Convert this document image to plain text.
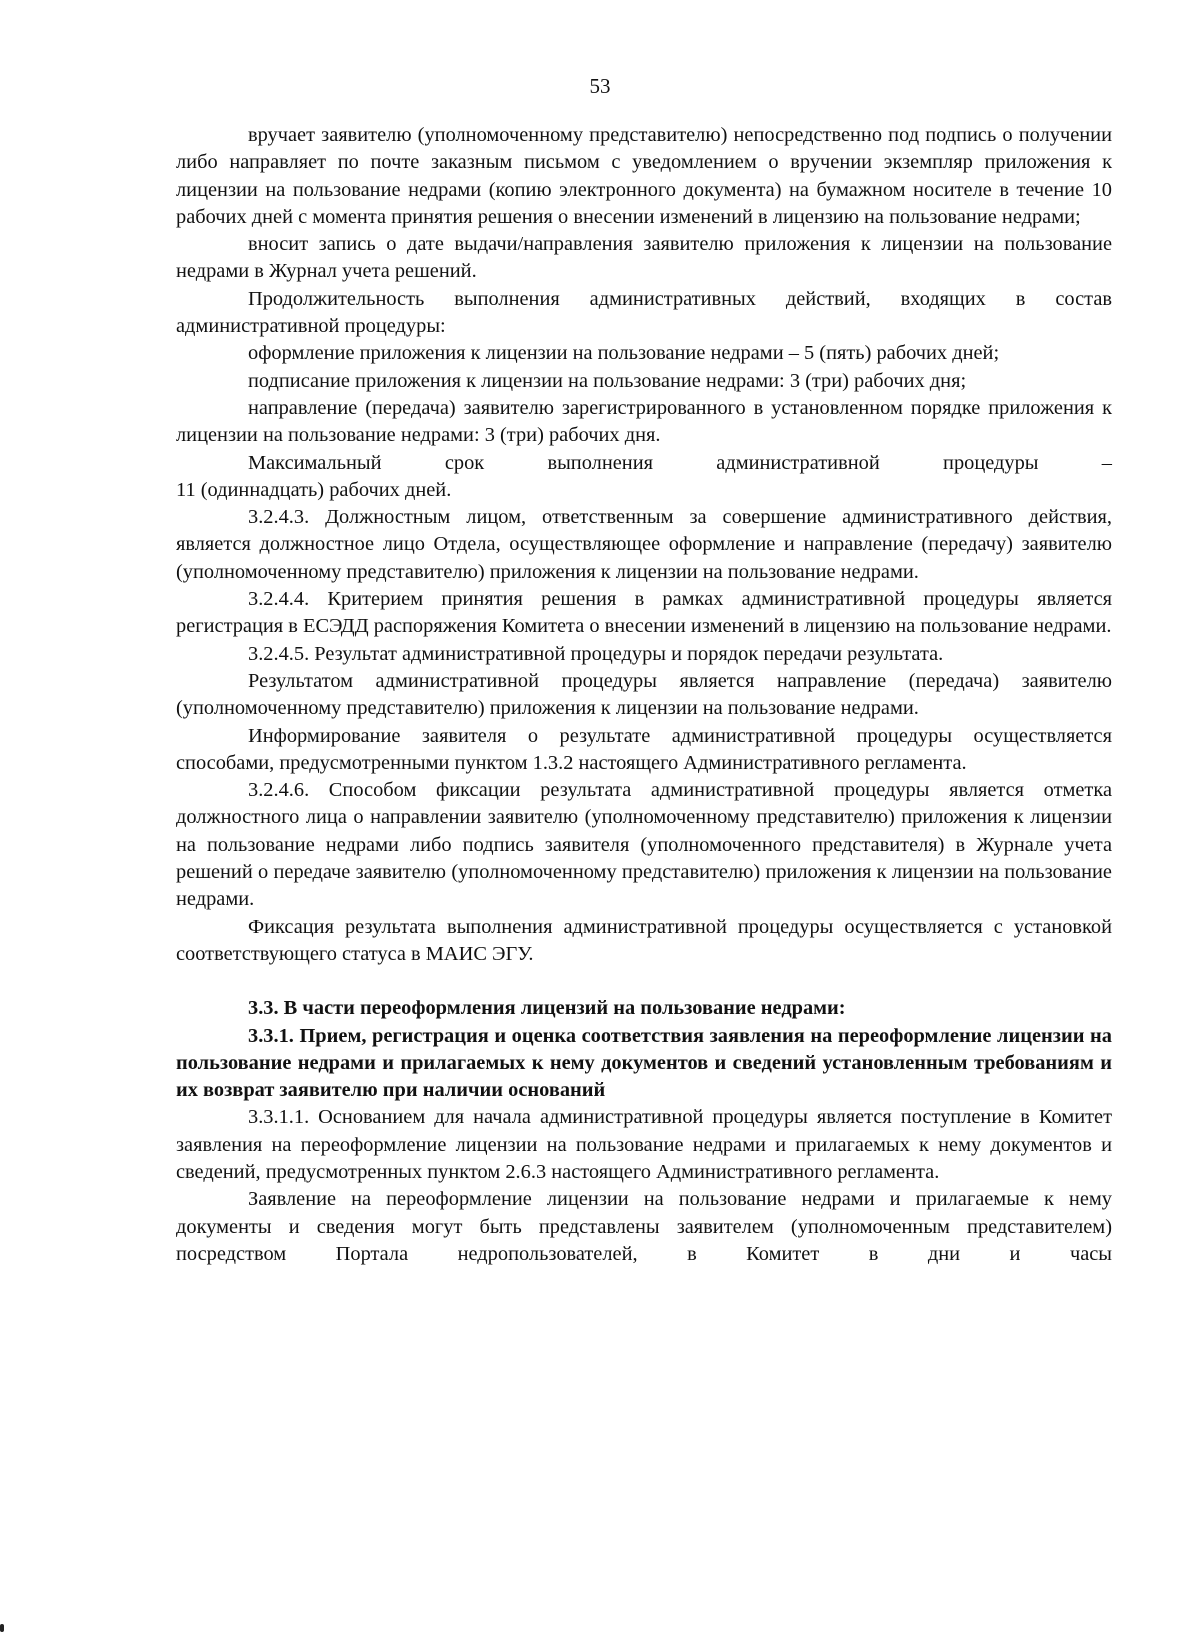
53

вручает заявителю (уполномоченному представителю) непосредственно под подпись о получении либо направляет по почте заказным письмом с уведомлением о вручении экземпляр приложения к лицензии на пользование недрами (копию электронного документа) на бумажном носителе в течение 10 рабочих дней с момента принятия решения о внесении изменений в лицензию на пользование недрами;

вносит запись о дате выдачи/направления заявителю приложения к лицензии на пользование недрами в Журнал учета решений.

Продолжительность выполнения административных действий, входящих в состав административной процедуры:

оформление приложения к лицензии на пользование недрами – 5 (пять) рабочих дней;

подписание приложения к лицензии на пользование недрами: 3 (три) рабочих дня;

направление (передача) заявителю зарегистрированного в установленном порядке приложения к лицензии на пользование недрами: 3 (три) рабочих дня.

Максимальный срок выполнения административной процедуры –

11 (одиннадцать) рабочих дней.

3.2.4.3. Должностным лицом, ответственным за совершение административного действия, является должностное лицо Отдела, осуществляющее оформление и направление (передачу) заявителю (уполномоченному представителю) приложения к лицензии на пользование недрами.

3.2.4.4. Критерием принятия решения в рамках административной процедуры является регистрация в ЕСЭДД распоряжения Комитета о внесении изменений в лицензию на пользование недрами.

3.2.4.5. Результат административной процедуры и порядок передачи результата.

Результатом административной процедуры является направление (передача) заявителю (уполномоченному представителю) приложения к лицензии на пользование недрами.

Информирование заявителя о результате административной процедуры осуществляется способами, предусмотренными пунктом 1.3.2 настоящего Административного регламента.

3.2.4.6. Способом фиксации результата административной процедуры является отметка должностного лица о направлении заявителю (уполномоченному представителю) приложения к лицензии на пользование недрами либо подпись заявителя (уполномоченного представителя) в Журнале учета решений о передаче заявителю (уполномоченному представителю) приложения к лицензии на пользование недрами.

Фиксация результата выполнения административной процедуры осуществляется с установкой соответствующего статуса в МАИС ЭГУ.

3.3. В части переоформления лицензий на пользование недрами:

3.3.1. Прием, регистрация и оценка соответствия заявления на переоформление лицензии на пользование недрами и прилагаемых к нему документов и сведений установленным требованиям и их возврат заявителю при наличии оснований

3.3.1.1. Основанием для начала административной процедуры является поступление в Комитет заявления на переоформление лицензии на пользование недрами и прилагаемых к нему документов и сведений, предусмотренных пунктом 2.6.3 настоящего Административного регламента.

Заявление на переоформление лицензии на пользование недрами и прилагаемые к нему документы и сведения могут быть представлены заявителем (уполномоченным представителем) посредством Портала недропользователей, в Комитет в дни и часы
